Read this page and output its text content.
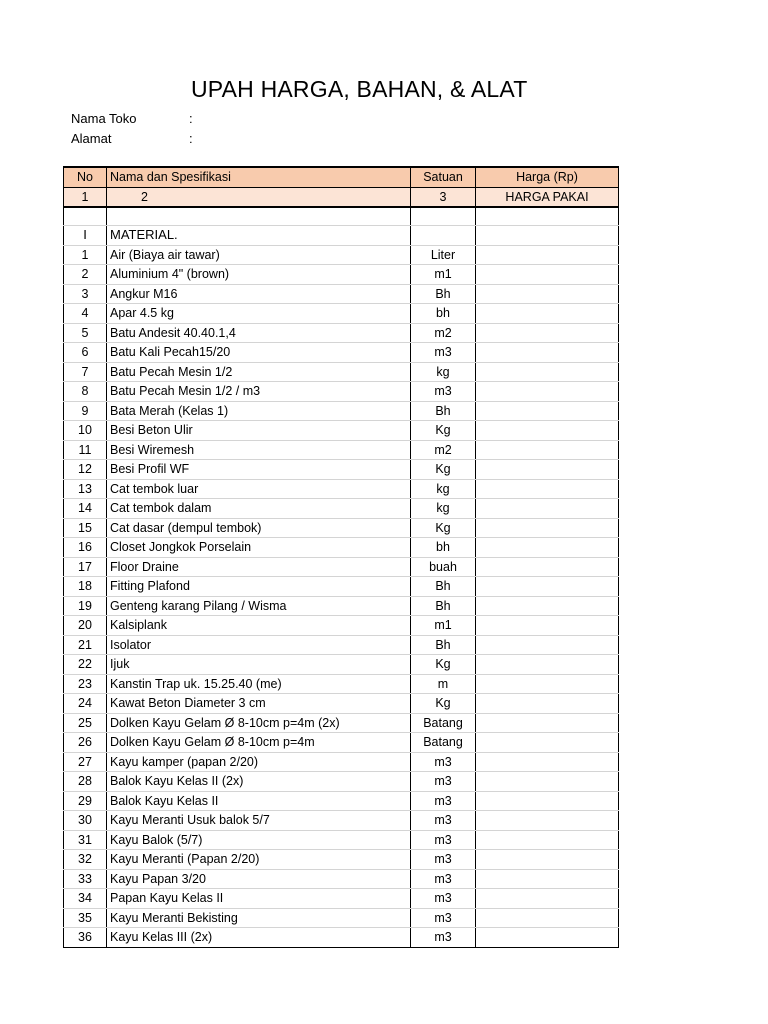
UPAH HARGA, BAHAN, & ALAT
Nama Toko	:
Alamat	:
No	Nama dan Spesifikasi	Satuan	Harga (Rp)
1	2	3	HARGA PAKAI

I	MATERIAL.		
1	Air (Biaya air tawar)	Liter	
2	Aluminium 4" (brown)	m1	
3	Angkur M16	Bh	
4	Apar 4.5 kg	bh	
5	Batu Andesit 40.40.1,4	m2	
6	Batu Kali Pecah15/20	m3	
7	Batu Pecah Mesin 1/2	kg	
8	Batu Pecah Mesin 1/2 / m3	m3	
9	Bata Merah (Kelas 1)	Bh	
10	Besi Beton Ulir	Kg	
11	Besi Wiremesh	m2	
12	Besi Profil WF	Kg	
13	Cat tembok luar	kg	
14	Cat tembok dalam	kg	
15	Cat dasar (dempul tembok)	Kg	
16	Closet Jongkok Porselain	bh	
17	Floor Draine	buah	
18	Fitting Plafond	Bh	
19	Genteng karang Pilang / Wisma	Bh	
20	Kalsiplank	m1	
21	Isolator	Bh	
22	Ijuk	Kg	
23	Kanstin Trap uk. 15.25.40 (me)	m	
24	Kawat Beton Diameter 3 cm	Kg	
25	Dolken Kayu Gelam Ø 8-10cm p=4m (2x)	Batang	
26	Dolken Kayu Gelam Ø 8-10cm p=4m	Batang	
27	Kayu kamper (papan 2/20)	m3	
28	Balok Kayu Kelas II (2x)	m3	
29	Balok Kayu Kelas II	m3	
30	Kayu Meranti Usuk balok 5/7	m3	
31	Kayu Balok (5/7)	m3	
32	Kayu Meranti (Papan 2/20)	m3	
33	Kayu Papan 3/20	m3	
34	Papan Kayu Kelas II	m3	
35	Kayu Meranti Bekisting	m3	
36	Kayu Kelas III (2x)	m3	
